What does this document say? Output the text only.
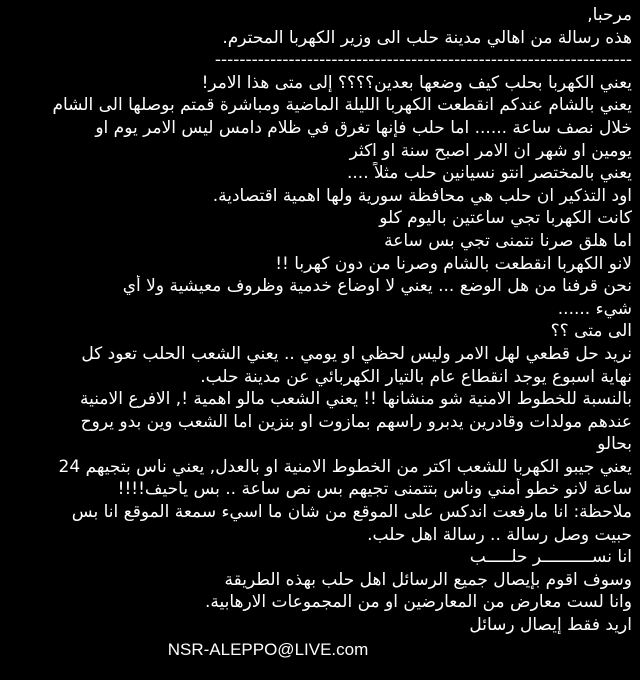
مرحبا,
هذه رسالة من اهالي مدينة حلب الى وزير الكهربا المحترم.
--------------------------------------------------------------------
يعني الكهربا بحلب كيف وضعها بعدين؟؟؟؟ إلى متى هذا الامر!
يعني بالشام عندكم انقطعت الكهربا الليلة الماضية ومباشرة قمتم بوصلها الى الشام
خلال نصف ساعة ...... اما حلب فإنها تغرق في ظلام دامس ليس الامر يوم او
يومين او شهر ان الامر اصبح سنة او اكثر
يعني بالمختصر انتو نسيانين حلب مثلاً ....
اود التذكير ان حلب هي محافظة سورية ولها اهمية اقتصادية.
كانت الكهربا تجي ساعتين باليوم كلو
اما هلق صرنا نتمنى تجي بس ساعة
لانو الكهربا انقطعت بالشام وصرنا من دون كهربا !!
نحن قرفنا من هل الوضع ... يعني لا اوضاع خدمية وظروف معيشية ولا أي
شيء ......
الى متى ؟؟
نريد حل قطعي لهل الامر وليس لحظي او يومي .. يعني الشعب الحلب تعود كل
نهاية اسبوع يوجد انقطاع عام بالتيار الكهربائي عن مدينة حلب.
بالنسبة للخطوط الامنية شو منشانها !! يعني الشعب مالو اهمية !, الافرع الامنية
عندهم مولدات وقادرين يدبرو راسهم بمازوت او بنزين اما الشعب وين بدو يروح
بحالو
يعني جيبو الكهربا للشعب اكتر من الخطوط الامنية او بالعدل, يعني ناس بتجيهم 24
ساعة لانو خطو أمني وناس بتتمنى تجيهم بس نص ساعة .. بس ياحيف!!!!
ملاحظة: انا مارفعت اندكس على الموقع من شان ما اسيء سمعة الموقع انا بس
حبيت وصل رسالة .. رسالة اهل حلب.
انا نســــــــــر حلـــــب
وسوف اقوم بإيصال جميع الرسائل اهل حلب بهذه الطريقة
وانا لست معارض من المعارضين او من المجموعات الارهابية.
اريد فقط إيصال رسائل
NSR-ALEPPO@LIVE.com
